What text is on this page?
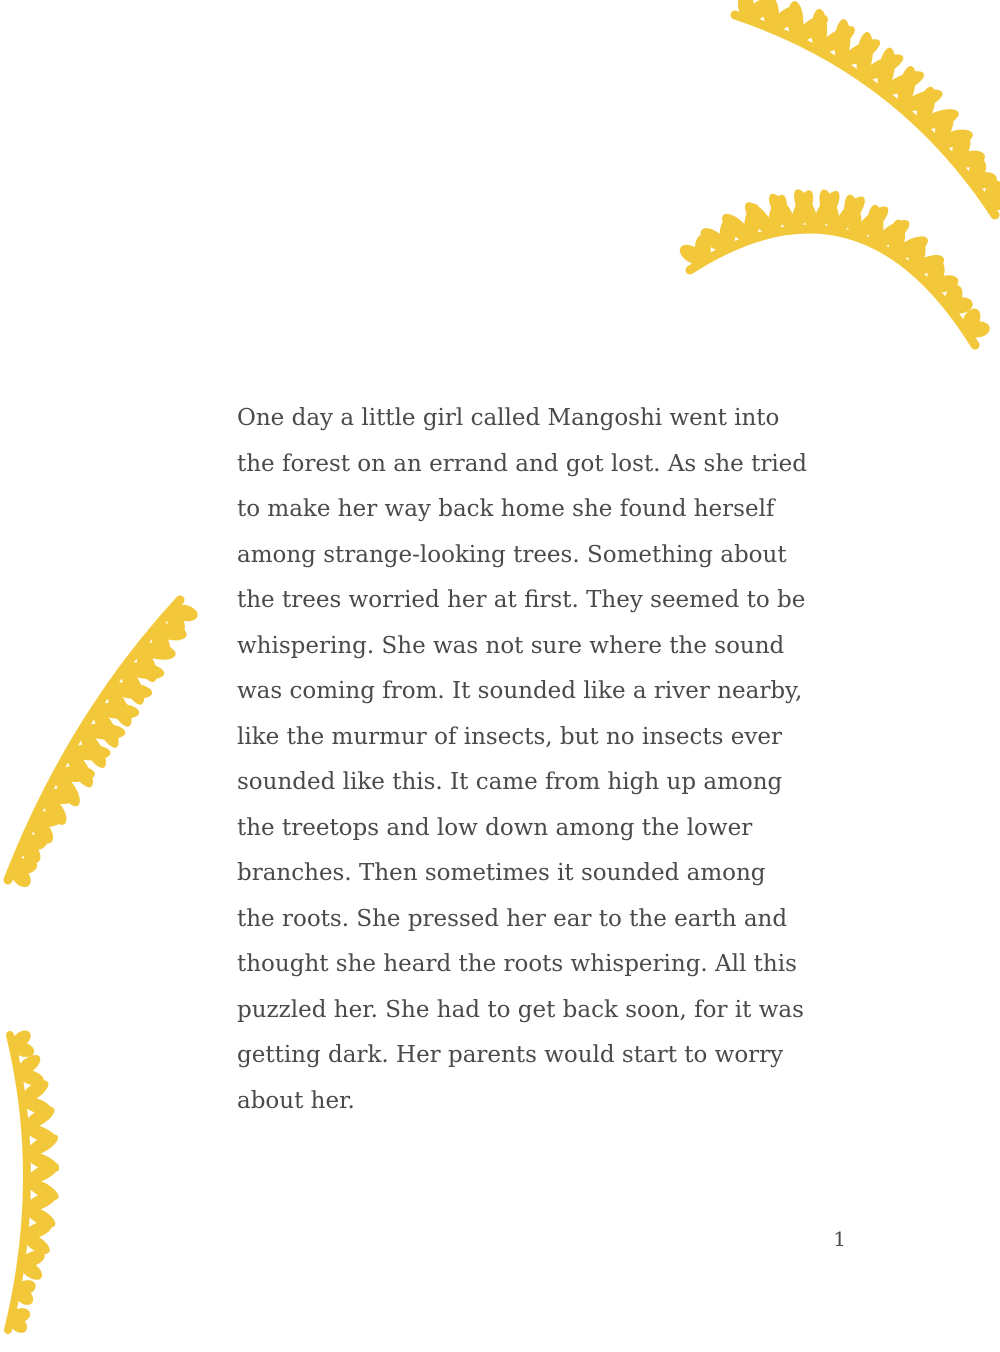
One day a little girl called Mangoshi went into
the forest on an errand and got lost. As she tried
to make her way back home she found herself
among strange-looking trees. Something about
the trees worried her at first. They seemed to be
whispering. She was not sure where the sound
was coming from. It sounded like a river nearby,
like the murmur of insects, but no insects ever
sounded like this. It came from high up among
the treetops and low down among the lower
branches. Then sometimes it sounded among
the roots. She pressed her ear to the earth and
thought she heard the roots whispering. All this
puzzled her. She had to get back soon, for it was
getting dark. Her parents would start to worry
about her.
1
